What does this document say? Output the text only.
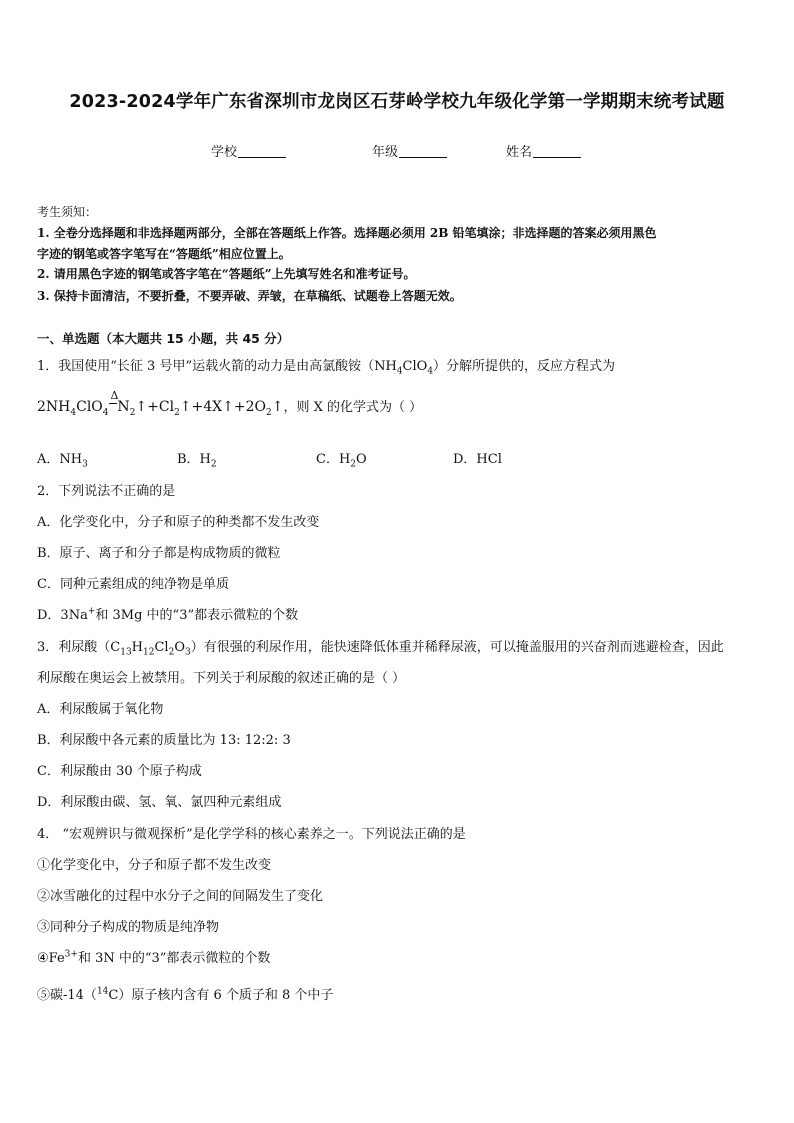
2023-2024学年广东省深圳市龙岗区石芽岭学校九年级化学第一学期期末统考试题
学校	年级	姓名
考生须知：
1. 全卷分选择题和非选择题两部分，全部在答题纸上作答。选择题必须用 2B 铅笔填涂；非选择题的答案必须用黑色
字迹的钢笔或答字笔写在“答题纸”相应位置上。
2. 请用黑色字迹的钢笔或答字笔在“答题纸”上先填写姓名和准考证号。
3. 保持卡面清洁，不要折叠，不要弄破、弄皱，在草稿纸、试题卷上答题无效。
一、单选题（本大题共 15 小题，共 45 分）
1．我国使用“长征 3 号甲”运载火箭的动力是由高氯酸铵$(NH_4ClO_4)$分解所提供的，反应方程式为
$2NH_4ClO_4$
Δ
$N_2↑+Cl_2↑+4X↑+2O_2↑$，则 X 的化学式为（ ）
A．$NH_3$	B．$H_2$	C．$H_2O$	D．HCl
2．下列说法不正确的是
A．化学变化中，分子和原子的种类都不发生改变
B．原子、离子和分子都是构成物质的微粒
C．同种元素组成的纯净物是单质
D．3Na+和 3Mg 中的“3”都表示微粒的个数
3．利尿酸$(C_{13}H_{12}Cl_2O_3)$有很强的利尿作用，能快速降低体重并稀释尿液，可以掩盖服用的兴奋剂而逃避检查，因此
利尿酸在奥运会上被禁用。下列关于利尿酸的叙述正确的是（ ）
A．利尿酸属于氧化物
B．利尿酸中各元素的质量比为 13: 12:2: 3
C．利尿酸由 30 个原子构成
D．利尿酸由碳、氢、氧、氯四种元素组成
4． “宏观辨识与微观探析”是化学学科的核心素养之一。下列说法正确的是
①化学变化中，分子和原子都不发生改变
②冰雪融化的过程中水分子之间的间隔发生了变化
③同种分子构成的物质是纯净物
$④Fe^{3+}$和 3N 中的“3”都表示微粒的个数
⑤碳-14（$^{14}$C）原子核内含有 6 个质子和 8 个中子
